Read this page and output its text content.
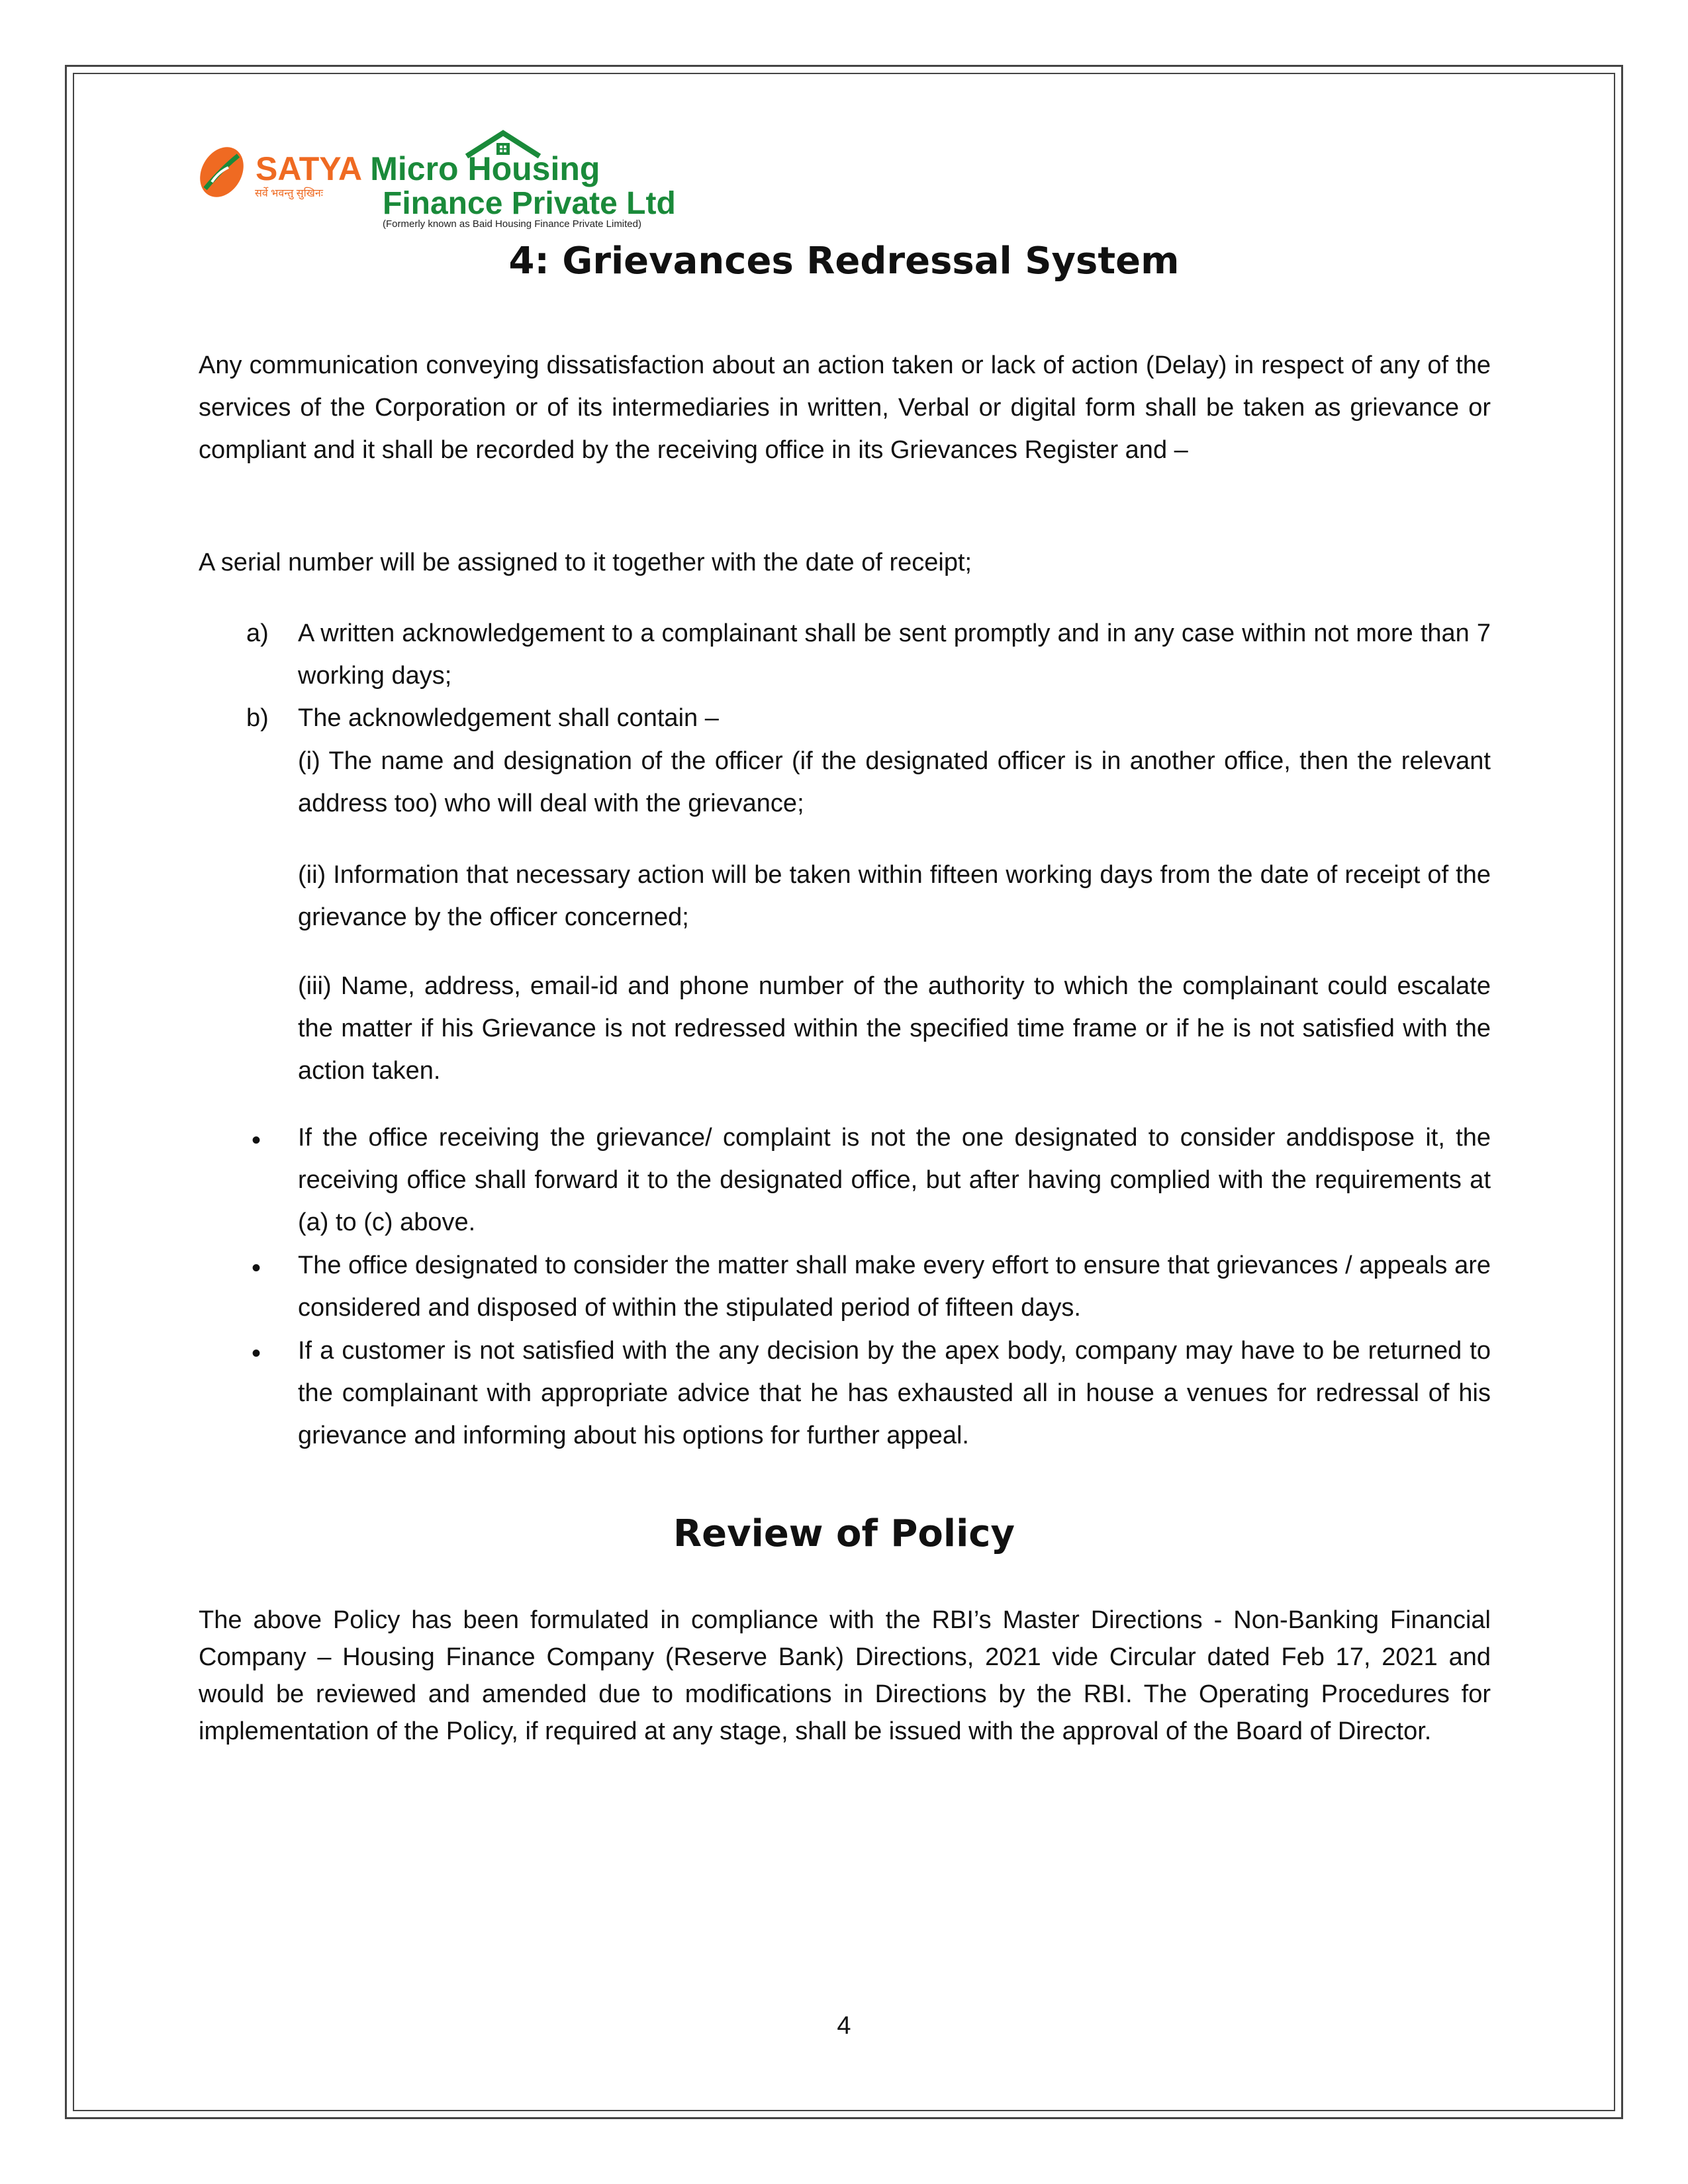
SATYA Micro Housing
सर्वे भवन्तु सुखिनः Finance Private Ltd
(Formerly known as Baid Housing Finance Private Limited)
4: Grievances Redressal System

Any communication conveying dissatisfaction about an action taken or lack of action (Delay) in respect of any of the services of the Corporation or of its intermediaries in written, Verbal or digital form shall be taken as grievance or compliant and it shall be recorded by the receiving office in its Grievances Register and –

A serial number will be assigned to it together with the date of receipt;

a) A written acknowledgement to a complainant shall be sent promptly and in any case within not more than 7 working days;

b) The acknowledgement shall contain –

(i) The name and designation of the officer (if the designated officer is in another office, then the relevant address too) who will deal with the grievance;

(ii) Information that necessary action will be taken within fifteen working days from the date of receipt of the grievance by the officer concerned;

(iii) Name, address, email-id and phone number of the authority to which the complainant could escalate the matter if his Grievance is not redressed within the specified time frame or if he is not satisfied with the action taken.

• If the office receiving the grievance/ complaint is not the one designated to consider anddispose it, the receiving office shall forward it to the designated office, but after having complied with the requirements at (a) to (c) above.

• The office designated to consider the matter shall make every effort to ensure that grievances / appeals are considered and disposed of within the stipulated period of fifteen days.

• If a customer is not satisfied with the any decision by the apex body, company may have to be returned to the complainant with appropriate advice that he has exhausted all in house a venues for redressal of his grievance and informing about his options for further appeal.

Review of Policy

The above Policy has been formulated in compliance with the RBI’s Master Directions - Non-Banking Financial Company – Housing Finance Company (Reserve Bank) Directions, 2021 vide Circular dated Feb 17, 2021 and would be reviewed and amended due to modifications in Directions by the RBI. The Operating Procedures for implementation of the Policy, if required at any stage, shall be issued with the approval of the Board of Director.

4
